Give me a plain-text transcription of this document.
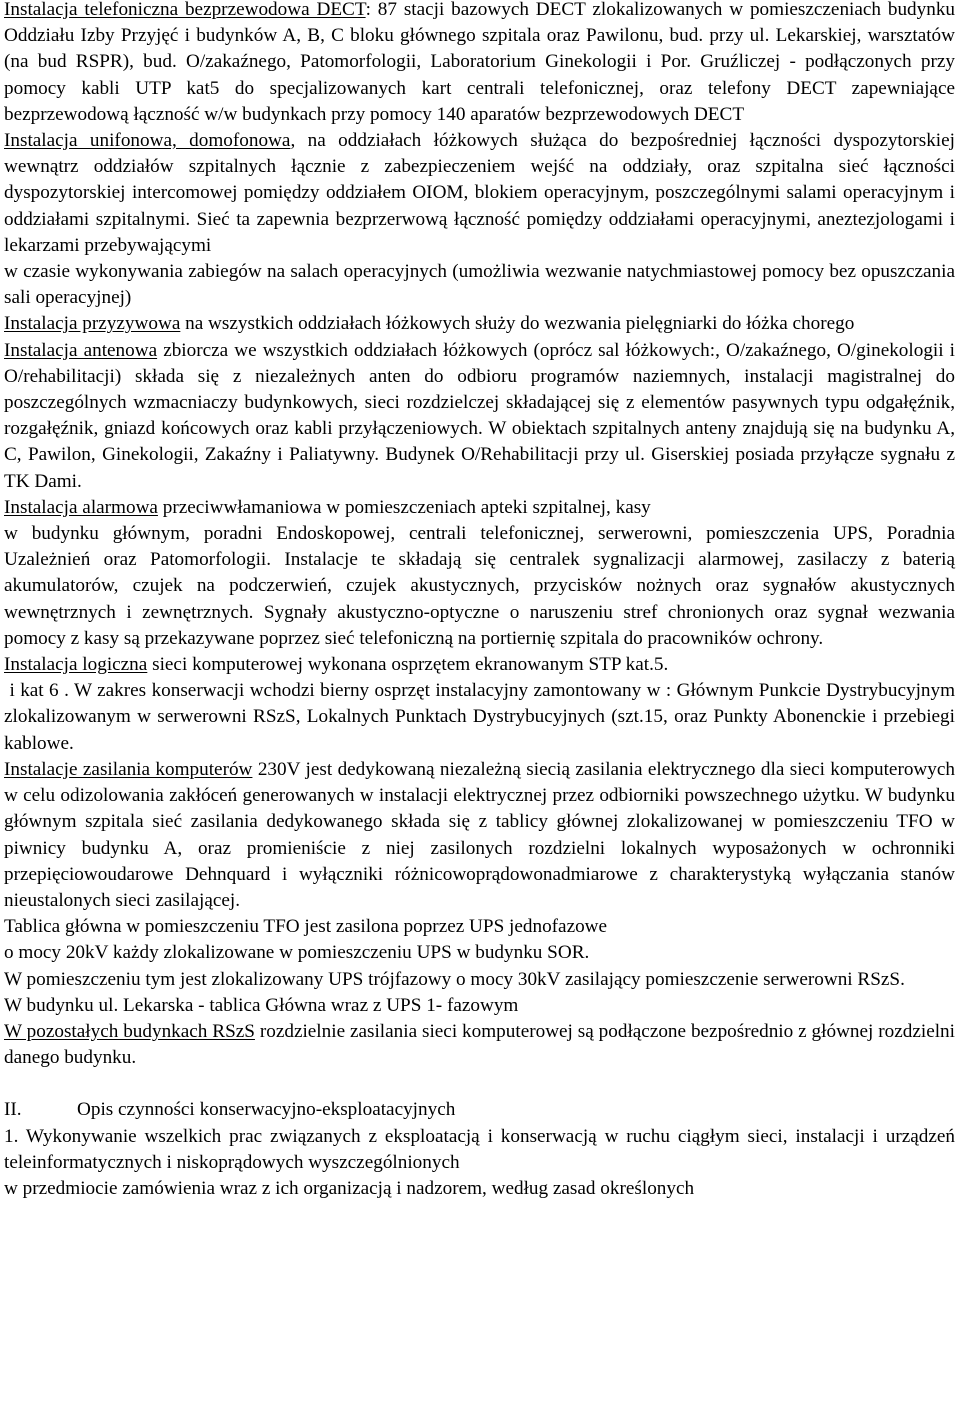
Instalacja telefoniczna bezprzewodowa DECT: 87 stacji bazowych DECT zlokalizowanych w pomieszczeniach budynku Oddziału Izby Przyjęć i budynków A, B, C bloku głównego szpitala oraz Pawilonu, bud. przy ul. Lekarskiej, warsztatów (na bud RSPR), bud. O/zakaźnego, Patomorfologii, Laboratorium Ginekologii i Por. Gruźliczej - podłączonych przy pomocy kabli UTP kat5 do specjalizowanych kart centrali telefonicznej, oraz telefony DECT zapewniające bezprzewodową łączność w/w budynkach przy pomocy 140 aparatów bezprzewodowych DECT

Instalacja unifonowa, domofonowa, na oddziałach łóżkowych służąca do bezpośredniej łączności dyspozytorskiej wewnątrz oddziałów szpitalnych łącznie z zabezpieczeniem wejść na oddziały, oraz szpitalna sieć łączności dyspozytorskiej intercomowej pomiędzy oddziałem OIOM, blokiem operacyjnym, poszczególnymi salami operacyjnym i oddziałami szpitalnymi. Sieć ta zapewnia bezprzerwową łączność pomiędzy oddziałami operacyjnymi, aneztezjologami i lekarzami przebywającymi

w czasie wykonywania zabiegów na salach operacyjnych (umożliwia wezwanie natychmiastowej pomocy bez opuszczania sali operacyjnej)

Instalacja przyzywowa na wszystkich oddziałach łóżkowych służy do wezwania pielęgniarki do łóżka chorego

Instalacja antenowa zbiorcza we wszystkich oddziałach łóżkowych (oprócz sal łóżkowych:, O/zakaźnego, O/ginekologii i O/rehabilitacji) składa się z niezależnych anten do odbioru programów naziemnych, instalacji magistralnej do poszczególnych wzmacniaczy budynkowych, sieci rozdzielczej składającej się z elementów pasywnych typu odgałęźnik, rozgałęźnik, gniazd końcowych oraz kabli przyłączeniowych. W obiektach szpitalnych anteny znajdują się na budynku A, C, Pawilon, Ginekologii, Zakaźny i Paliatywny. Budynek O/Rehabilitacji przy ul. Giserskiej posiada przyłącze sygnału z TK Dami.

Instalacja alarmowa przeciwwłamaniowa w pomieszczeniach apteki szpitalnej, kasy

w budynku głównym, poradni Endoskopowej, centrali telefonicznej, serwerowni, pomieszczenia UPS, Poradnia Uzależnień oraz Patomorfologii. Instalacje te składają się centralek sygnalizacji alarmowej, zasilaczy z baterią akumulatorów, czujek na podczerwień, czujek akustycznych, przycisków nożnych oraz sygnałów akustycznych wewnętrznych i zewnętrznych. Sygnały akustyczno-optyczne o naruszeniu stref chronionych oraz sygnał wezwania pomocy z kasy są przekazywane poprzez sieć telefoniczną na portiernię szpitala do pracowników ochrony.

Instalacja logiczna sieci komputerowej wykonana osprzętem ekranowanym STP kat.5.

i kat 6 . W zakres konserwacji wchodzi bierny osprzęt instalacyjny zamontowany w : Głównym Punkcie Dystrybucyjnym zlokalizowanym w serwerowni RSzS, Lokalnych Punktach Dystrybucyjnych (szt.15, oraz Punkty Abonenckie i przebiegi kablowe.

Instalacje zasilania komputerów 230V jest dedykowaną niezależną siecią zasilania elektrycznego dla sieci komputerowych w celu odizolowania zakłóceń generowanych w instalacji elektrycznej przez odbiorniki powszechnego użytku. W budynku głównym szpitala sieć zasilania dedykowanego składa się z tablicy głównej zlokalizowanej w pomieszczeniu TFO w piwnicy budynku A, oraz promieniście z niej zasilonych rozdzielni lokalnych wyposażonych w ochronniki przepięciowoudarowe Dehnquard i wyłączniki różnicowoprądowonadmiarowe z charakterystyką wyłączania stanów nieustalonych sieci zasilającej.

Tablica główna w pomieszczeniu TFO jest zasilona poprzez UPS jednofazowe

o mocy 20kV każdy zlokalizowane w pomieszczeniu UPS w budynku SOR.

W pomieszczeniu tym jest zlokalizowany UPS trójfazowy o mocy 30kV zasilający pomieszczenie serwerowni RSzS.

W budynku ul. Lekarska - tablica Główna wraz z UPS 1- fazowym

W pozostałych budynkach RSzS rozdzielnie zasilania sieci komputerowej są podłączone bezpośrednio z głównej rozdzielni danego budynku.

II.	Opis czynności konserwacyjno-eksploatacyjnych

1. Wykonywanie wszelkich prac związanych z eksploatacją i konserwacją w ruchu ciągłym sieci, instalacji i urządzeń teleinformatycznych i niskoprądowych wyszczególnionych

w przedmiocie zamówienia wraz z ich organizacją i nadzorem, według zasad określonych
